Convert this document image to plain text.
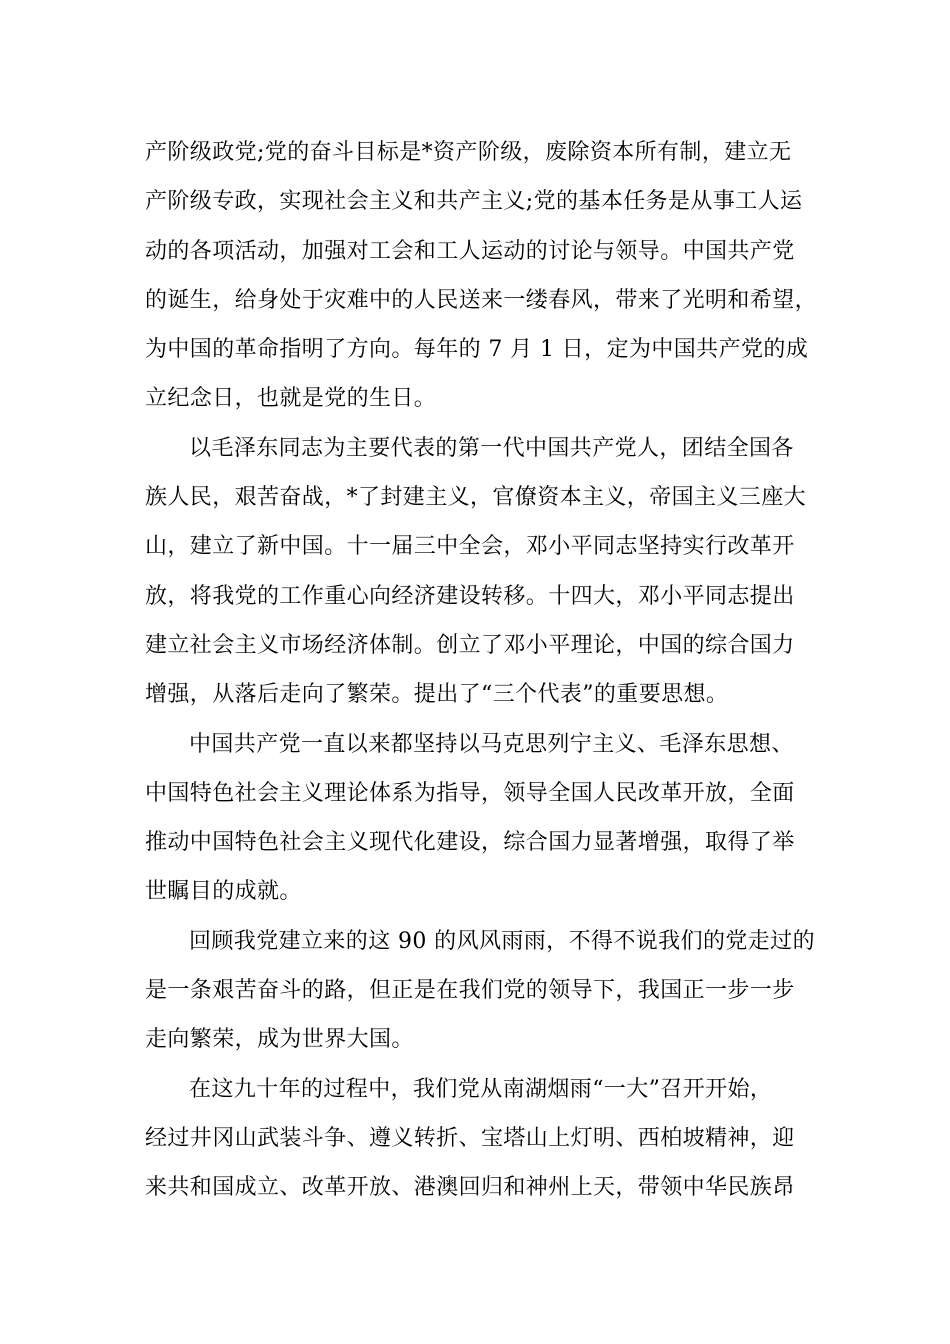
产阶级政党;党的奋斗目标是*资产阶级，废除资本所有制，建立无
产阶级专政，实现社会主义和共产主义;党的基本任务是从事工人运
动的各项活动，加强对工会和工人运动的讨论与领导。中国共产党
的诞生，给身处于灾难中的人民送来一缕春风，带来了光明和希望，
为中国的革命指明了方向。每年的 7 月 1 日，定为中国共产党的成
立纪念日，也就是党的生日。
以毛泽东同志为主要代表的第一代中国共产党人，团结全国各
族人民，艰苦奋战，*了封建主义，官僚资本主义，帝国主义三座大
山，建立了新中国。十一届三中全会，邓小平同志坚持实行改革开
放，将我党的工作重心向经济建设转移。十四大，邓小平同志提出
建立社会主义市场经济体制。创立了邓小平理论，中国的综合国力
增强，从落后走向了繁荣。提出了“三个代表”的重要思想。
中国共产党一直以来都坚持以马克思列宁主义、毛泽东思想、
中国特色社会主义理论体系为指导，领导全国人民改革开放，全面
推动中国特色社会主义现代化建设，综合国力显著增强，取得了举
世瞩目的成就。
回顾我党建立来的这 90 的风风雨雨，不得不说我们的党走过的
是一条艰苦奋斗的路，但正是在我们党的领导下，我国正一步一步
走向繁荣，成为世界大国。
在这九十年的过程中，我们党从南湖烟雨“一大”召开开始，
经过井冈山武装斗争、遵义转折、宝塔山上灯明、西柏坡精神，迎
来共和国成立、改革开放、港澳回归和神州上天，带领中华民族昂
